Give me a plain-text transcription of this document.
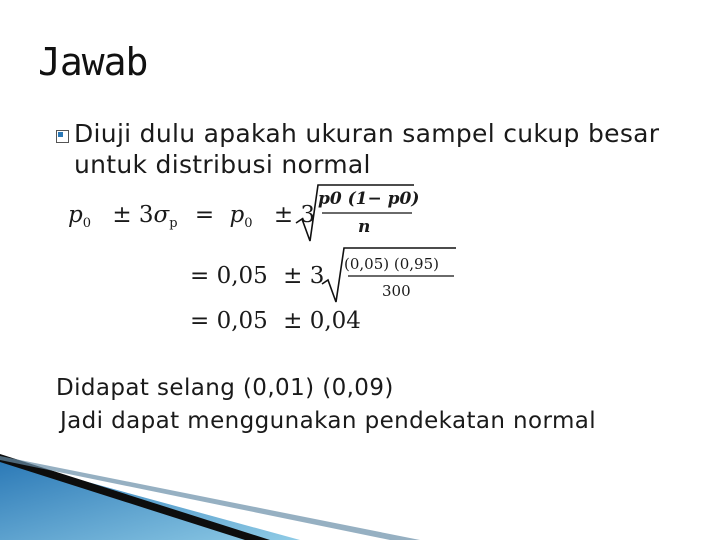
Jawab
Diuji dulu apakah ukuran sampel cukup besar
untuk distribusi normal
$p_0 \pm 3\sigma_p = p_0 \pm 3$
p0 (1− p0)
n
= 0,05 ± 3 (0,05) (0,95)
300
= 0,05 ± 0,04
Didapat selang (0,01) (0,09)
Jadi dapat menggunakan pendekatan normal
